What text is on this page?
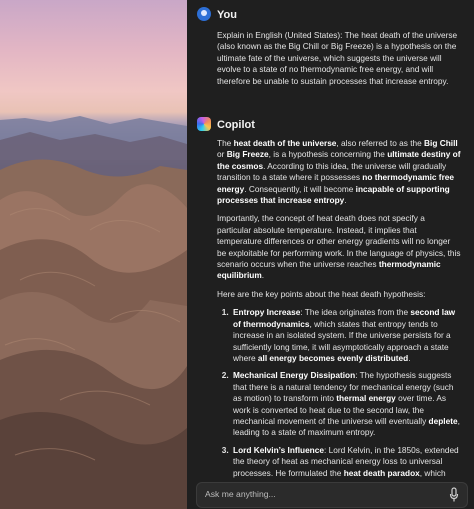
You
Explain in English (United States): The heat death of the universe (also known as the Big Chill or Big Freeze) is a hypothesis on the ultimate fate of the universe, which suggests the universe will evolve to a state of no thermodynamic free energy, and will therefore be unable to sustain processes that increase entropy.
Copilot

The heat death of the universe, also referred to as the Big Chill or Big Freeze, is a hypothesis concerning the ultimate destiny of the cosmos. According to this idea, the universe will gradually transition to a state where it possesses no thermodynamic free energy. Consequently, it will become incapable of supporting processes that increase entropy.

Importantly, the concept of heat death does not specify a particular absolute temperature. Instead, it implies that temperature differences or other energy gradients will no longer be exploitable for performing work. In the language of physics, this scenario occurs when the universe reaches thermodynamic equilibrium.

Here are the key points about the heat death hypothesis:

1. Entropy Increase: The idea originates from the second law of thermodynamics, which states that entropy tends to increase in an isolated system. If the universe persists for a sufficiently long time, it will asymptotically approach a state where all energy becomes evenly distributed.
2. Mechanical Energy Dissipation: The hypothesis suggests that there is a natural tendency for mechanical energy (such as motion) to transform into thermal energy over time. As work is converted to heat due to the second law, the mechanical movement of the universe will eventually deplete, leading to a state of maximum entropy.
3. Lord Kelvin’s Influence: Lord Kelvin, in the 1850s, extended the theory of heat as mechanical energy loss to universal processes. He formulated the heat death paradox, which
Ask me anything...
